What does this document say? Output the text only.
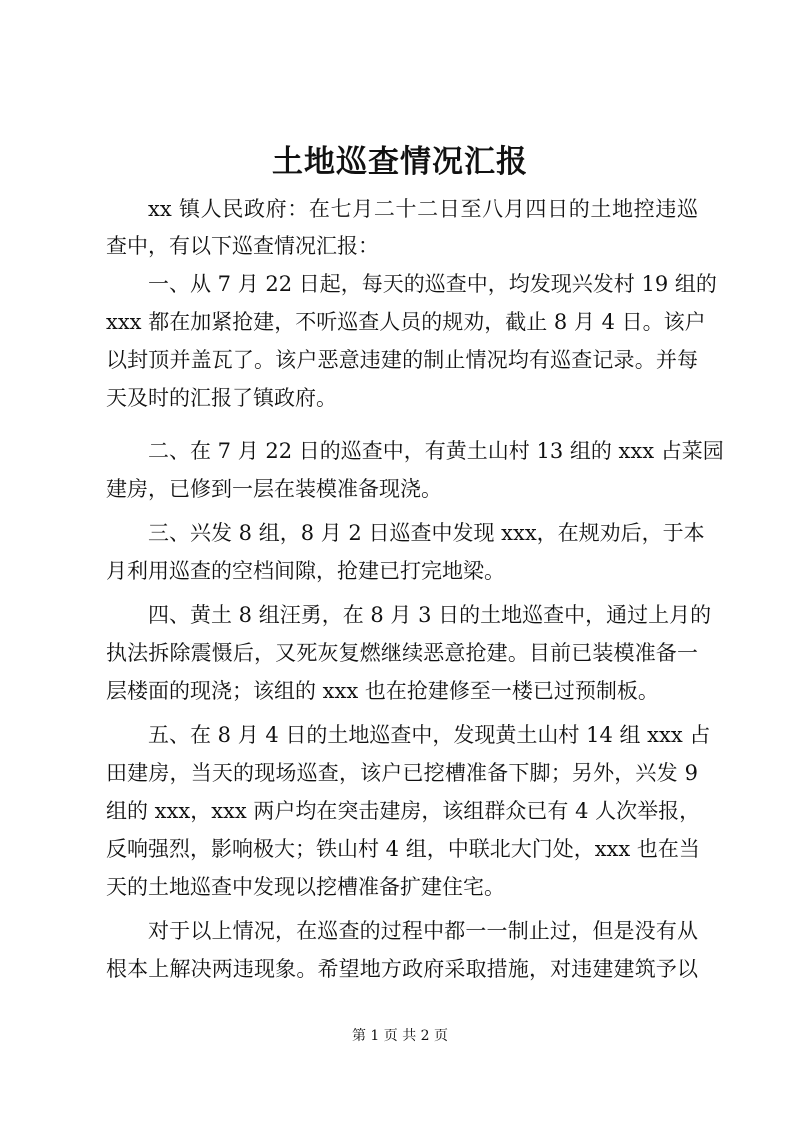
土地巡查情况汇报

xx 镇人民政府：在七月二十二日至八月四日的土地控违巡

查中，有以下巡查情况汇报：

一、从 7 月 22 日起，每天的巡查中，均发现兴发村 19 组的

xxx 都在加紧抢建，不听巡查人员的规劝，截止 8 月 4 日。该户

以封顶并盖瓦了。该户恶意违建的制止情况均有巡查记录。并每

天及时的汇报了镇政府。

二、在 7 月 22 日的巡查中，有黄土山村 13 组的 xxx 占菜园

建房，已修到一层在装模准备现浇。

三、兴发 8 组，8 月 2 日巡查中发现 xxx，在规劝后，于本

月利用巡查的空档间隙，抢建已打完地梁。

四、黄土 8 组汪勇，在 8 月 3 日的土地巡查中，通过上月的

执法拆除震慑后，又死灰复燃继续恶意抢建。目前已装模准备一

层楼面的现浇；该组的 xxx 也在抢建修至一楼已过预制板。

五、在 8 月 4 日的土地巡查中，发现黄土山村 14 组 xxx 占

田建房，当天的现场巡查，该户已挖槽准备下脚；另外，兴发 9

组的 xxx，xxx 两户均在突击建房，该组群众已有 4 人次举报，

反响强烈，影响极大；铁山村 4 组，中联北大门处，xxx 也在当

天的土地巡查中发现以挖槽准备扩建住宅。

对于以上情况，在巡查的过程中都一一制止过，但是没有从

根本上解决两违现象。希望地方政府采取措施，对违建建筑予以

第 1 页 共 2 页
